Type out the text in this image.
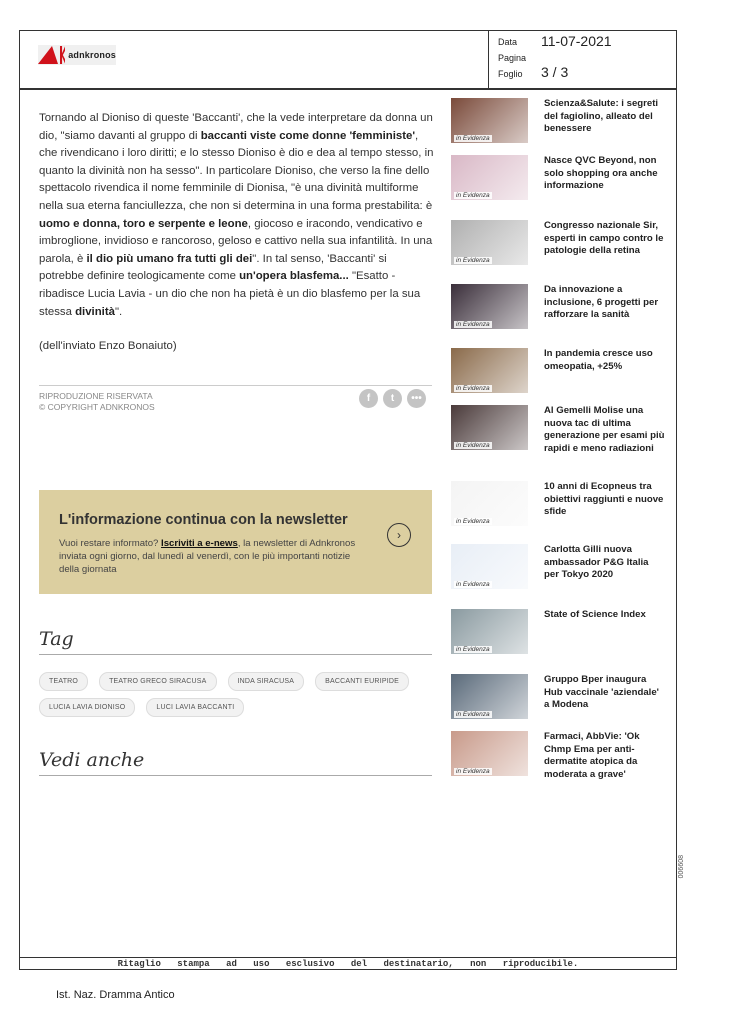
adnkronos
Data 11-07-2021
Pagina
Foglio 3 / 3

Tornando al Dioniso di queste 'Baccanti', che la vede interpretare da donna un dio, "siamo davanti al gruppo di baccanti viste come donne 'femministe', che rivendicano i loro diritti; e lo stesso Dioniso è dio e dea al tempo stesso, in quanto la divinità non ha sesso". In particolare Dioniso, che verso la fine dello spettacolo rivendica il nome femminile di Dionisa, "è una divinità multiforme nella sua eterna fanciullezza, che non si determina in una forma prestabilita: è uomo e donna, toro e serpente e leone, giocoso e iracondo, vendicativo e imbroglione, invidioso e rancoroso, geloso e cattivo nella sua infantilità. In una parola, è il dio più umano fra tutti gli dei". In tal senso, 'Baccanti' si potrebbe definire teologicamente come un'opera blasfema... "Esatto - ribadisce Lucia Lavia - un dio che non ha pietà è un dio blasfemo per la sua stessa divinità".

(dell'inviato Enzo Bonaiuto)

RIPRODUZIONE RISERVATA
© COPYRIGHT ADNKRONOS
f	t	•••
L'informazione continua con la newsletter
Vuoi restare informato? Iscriviti a e-news, la newsletter di Adnkronos inviata ogni giorno, dal lunedì al venerdì, con le più importanti notizie della giornata
›
Tag
TEATRO	TEATRO GRECO SIRACUSA	INDA SIRACUSA	BACCANTI EURIPIDE
LUCIA LAVIA DIONISO	LUCI LAVIA BACCANTI
Vedi anche
in Evidenza
Scienza&Salute: i segreti del fagiolino, alleato del benessere
in Evidenza
Nasce QVC Beyond, non solo shopping ora anche informazione
in Evidenza
Congresso nazionale Sir, esperti in campo contro le patologie della retina
in Evidenza
Da innovazione a inclusione, 6 progetti per rafforzare la sanità
in Evidenza
In pandemia cresce uso omeopatia, +25%
in Evidenza
Al Gemelli Molise una nuova tac di ultima generazione per esami più rapidi e meno radiazioni
in Evidenza
10 anni di Ecopneus tra obiettivi raggiunti e nuove sfide
in Evidenza
Carlotta Gilli nuova ambassador P&G Italia per Tokyo 2020
in Evidenza
State of Science Index
in Evidenza
Gruppo Bper inaugura Hub vaccinale 'aziendale' a Modena
in Evidenza
Farmaci, AbbVie: 'Ok Chmp Ema per anti-dermatite atopica da moderata a grave'
Ritaglio stampa ad uso esclusivo del destinatario, non riproducibile.
006608
Ist. Naz. Dramma Antico
